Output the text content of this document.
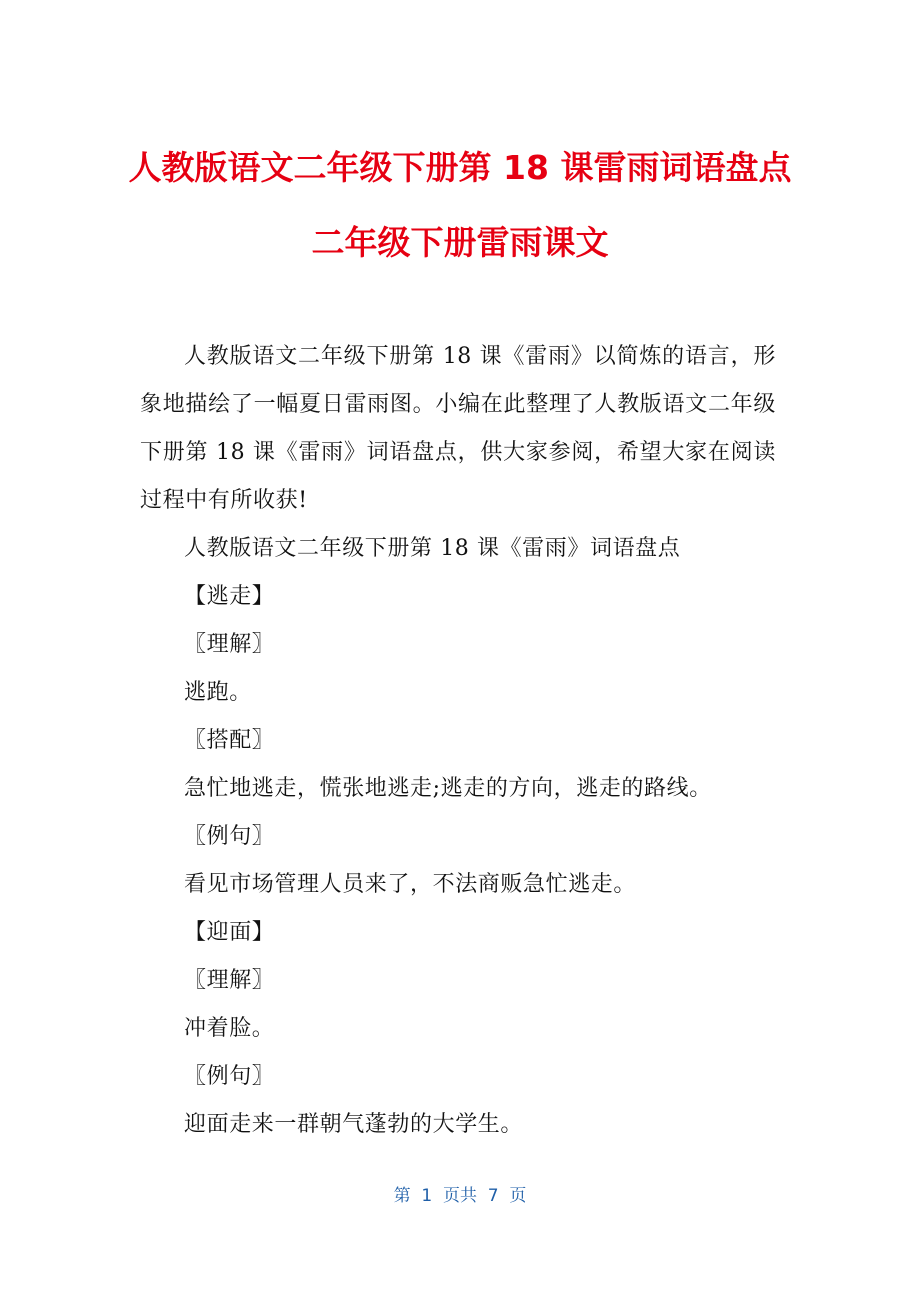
人教版语文二年级下册第 18 课雷雨词语盘点
二年级下册雷雨课文

人教版语文二年级下册第 18 课《雷雨》以简炼的语言，形象地描绘了一幅夏日雷雨图。小编在此整理了人教版语文二年级下册第 18 课《雷雨》词语盘点，供大家参阅，希望大家在阅读过程中有所收获!

人教版语文二年级下册第 18 课《雷雨》词语盘点

【逃走】

〖理解〗

逃跑。

〖搭配〗

急忙地逃走，慌张地逃走;逃走的方向，逃走的路线。

〖例句〗

看见市场管理人员来了，不法商贩急忙逃走。

【迎面】

〖理解〗

冲着脸。

〖例句〗

迎面走来一群朝气蓬勃的大学生。

第  1  页共  7  页
